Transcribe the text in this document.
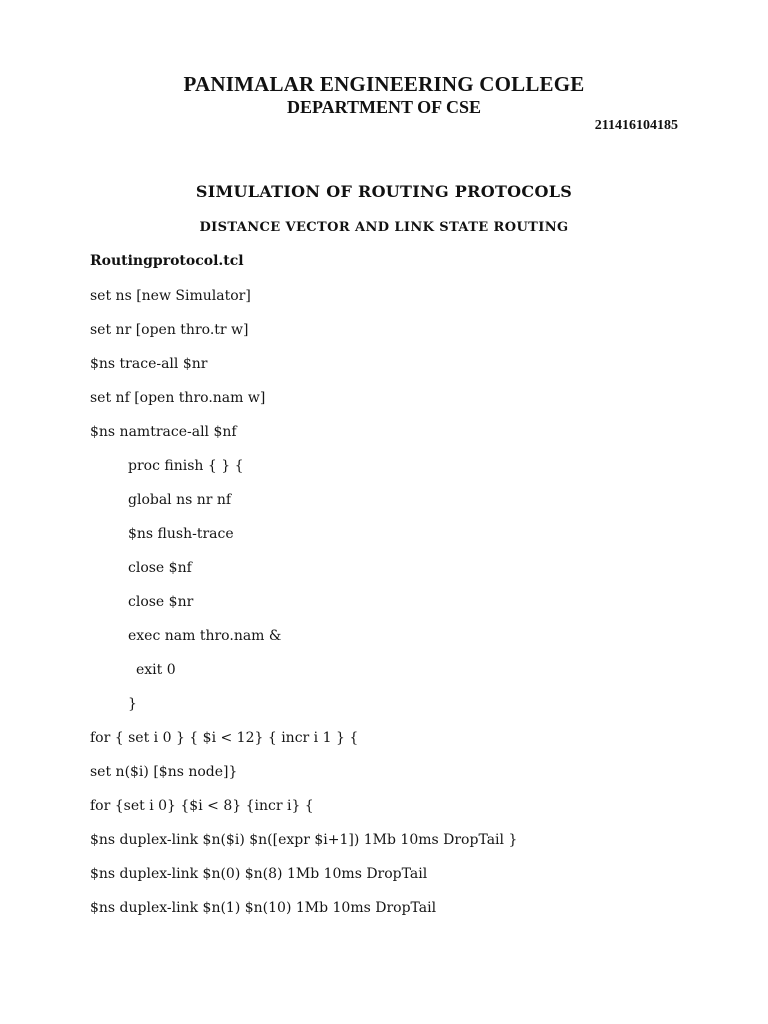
PANIMALAR ENGINEERING COLLEGE
DEPARTMENT OF CSE
211416104185
SIMULATION OF ROUTING PROTOCOLS
DISTANCE VECTOR AND LINK STATE ROUTING
Routingprotocol.tcl
set ns [new Simulator]
set nr [open thro.tr w]
$ns trace-all $nr
set nf [open thro.nam w]
$ns namtrace-all $nf
proc finish { } {
global ns nr nf
$ns flush-trace
close $nf
close $nr
exec nam thro.nam &
exit 0
}
for { set i 0 } { $i < 12} { incr i 1 } {
set n($i) [$ns node]}
for {set i 0} {$i < 8} {incr i} {
$ns duplex-link $n($i) $n([expr $i+1]) 1Mb 10ms DropTail }
$ns duplex-link $n(0) $n(8) 1Mb 10ms DropTail
$ns duplex-link $n(1) $n(10) 1Mb 10ms DropTail
